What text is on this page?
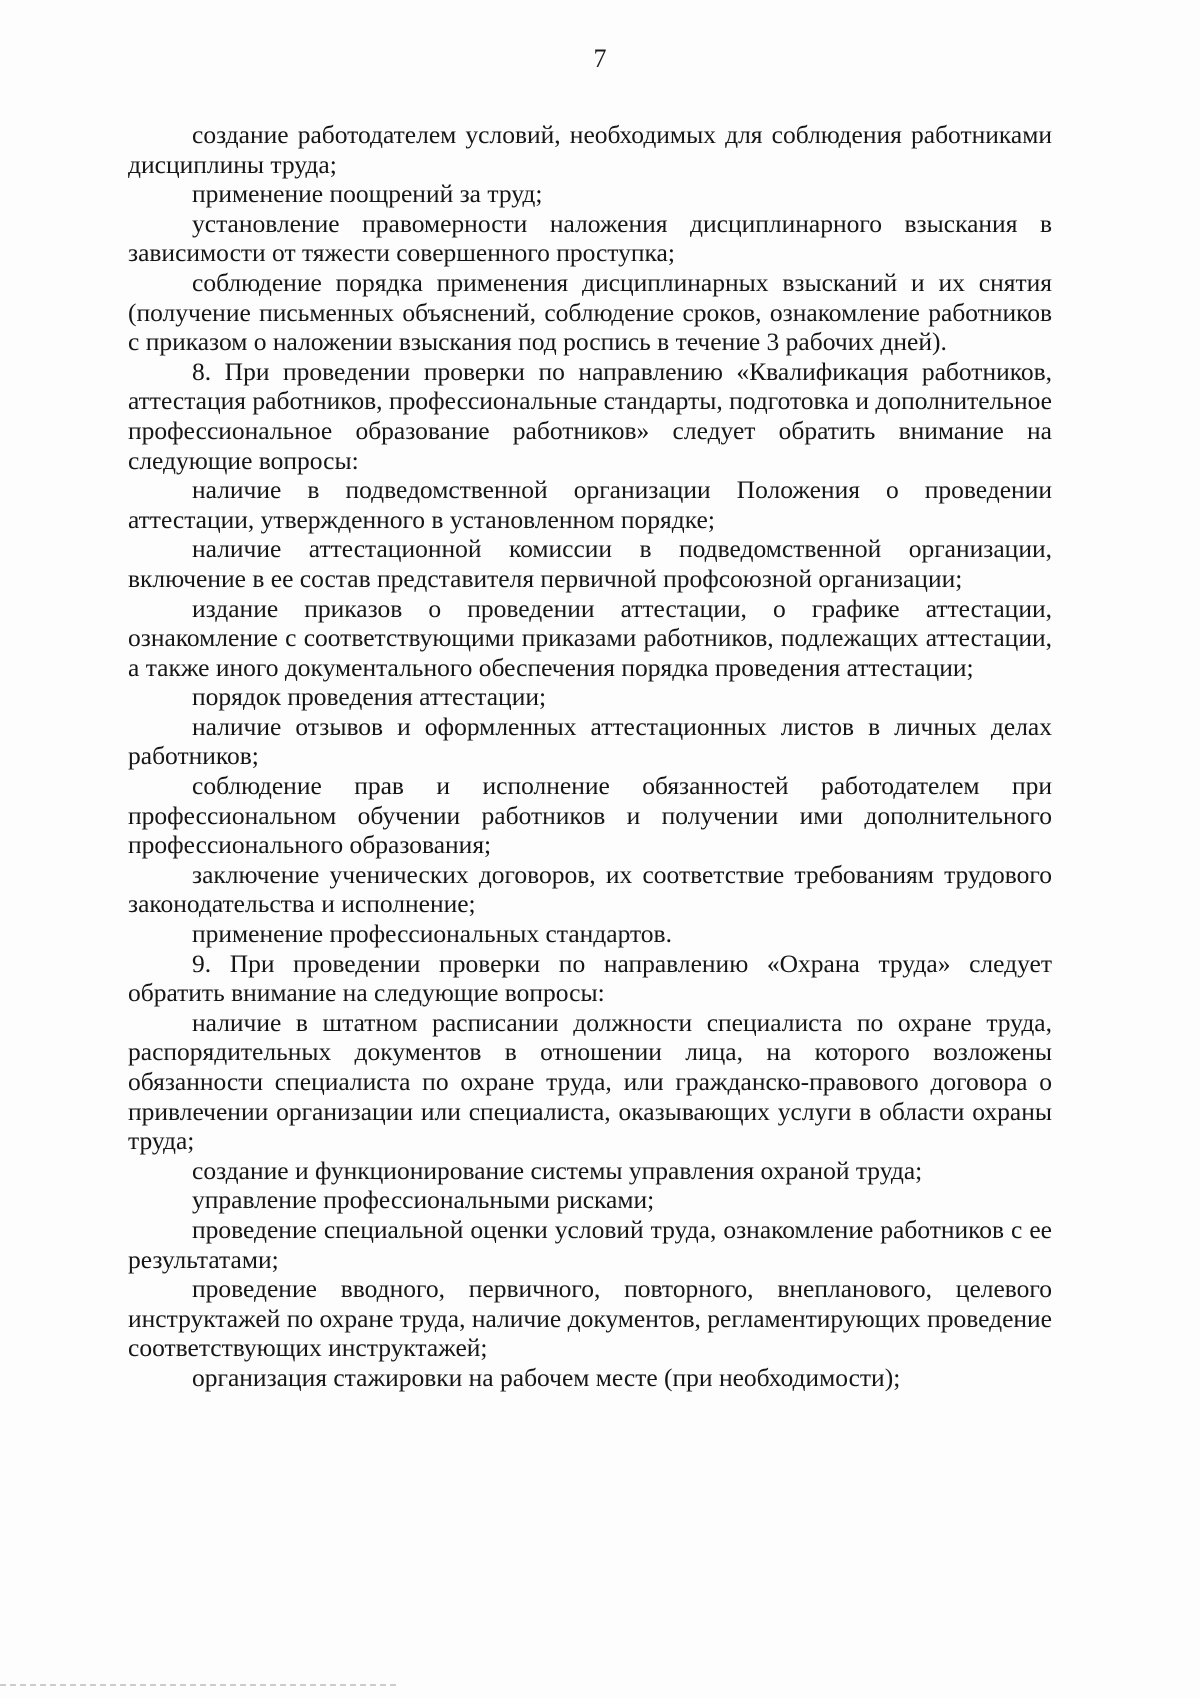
7

создание работодателем условий, необходимых для соблюдения работниками дисциплины труда;

применение поощрений за труд;

установление правомерности наложения дисциплинарного взыскания в зависимости от тяжести совершенного проступка;

соблюдение порядка применения дисциплинарных взысканий и их снятия (получение письменных объяснений, соблюдение сроков, ознакомление работников с приказом о наложении взыскания под роспись в течение 3 рабочих дней).

8. При проведении проверки по направлению «Квалификация работников, аттестация работников, профессиональные стандарты, подготовка и дополнительное профессиональное образование работников» следует обратить внимание на следующие вопросы:

наличие в подведомственной организации Положения о проведении аттестации, утвержденного в установленном порядке;

наличие аттестационной комиссии в подведомственной организации, включение в ее состав представителя первичной профсоюзной организации;

издание приказов о проведении аттестации, о графике аттестации, ознакомление с соответствующими приказами работников, подлежащих аттестации, а также иного документального обеспечения порядка проведения аттестации;

порядок проведения аттестации;

наличие отзывов и оформленных аттестационных листов в личных делах работников;

соблюдение прав и исполнение обязанностей работодателем при профессиональном обучении работников и получении ими дополнительного профессионального образования;

заключение ученических договоров, их соответствие требованиям трудового законодательства и исполнение;

применение профессиональных стандартов.

9. При проведении проверки по направлению «Охрана труда» следует обратить внимание на следующие вопросы:

наличие в штатном расписании должности специалиста по охране труда, распорядительных документов в отношении лица, на которого возложены обязанности специалиста по охране труда, или гражданско-правового договора о привлечении организации или специалиста, оказывающих услуги в области охраны труда;

создание и функционирование системы управления охраной труда;

управление профессиональными рисками;

проведение специальной оценки условий труда, ознакомление работников с ее результатами;

проведение вводного, первичного, повторного, внепланового, целевого инструктажей по охране труда, наличие документов, регламентирующих проведение соответствующих инструктажей;

организация стажировки на рабочем месте (при необходимости);
